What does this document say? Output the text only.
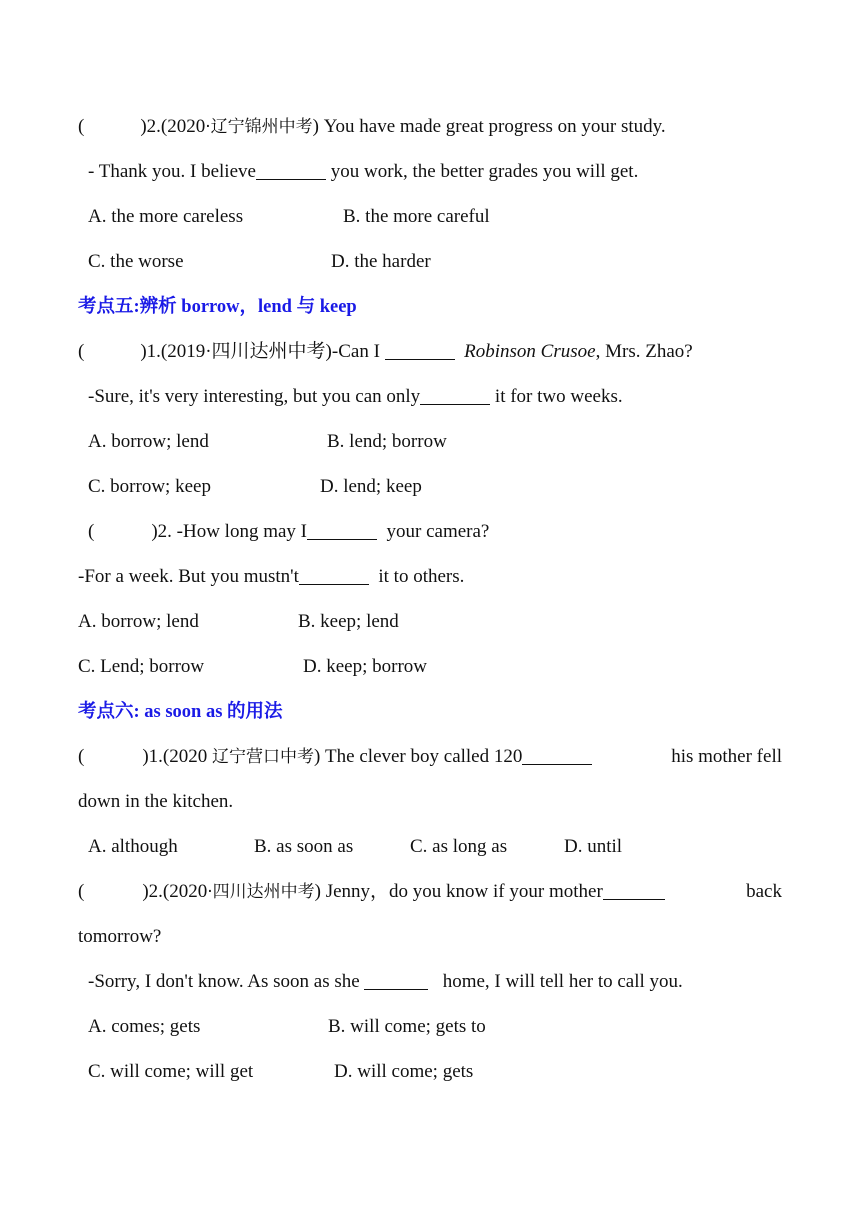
(	)2.(2020·辽宁锦州中考) You have made great progress on your study.
- Thank you. I believe	you work, the better grades you will get.
A. the more careless	B. the more careful
C. the worse	D. the harder
考点五:辨析 borrow，lend 与 keep
(	)1.(2019·四川达州中考)-Can I	Robinson Crusoe, Mrs. Zhao?
-Sure, it's very interesting, but you can only	it for two weeks.
A. borrow; lend	B. lend; borrow
C. borrow; keep	D. lend; keep
(	)2. -How long may I	your camera?
-For a week. But you mustn't	it to others.
A. borrow; lend	B. keep; lend
C. Lend; borrow	D. keep; borrow
考点六: as soon as 的用法
(	)1.(2020 辽宁营口中考) The clever boy called 120	his mother fell
down in the kitchen.
A. although	B. as soon as	C. as long as	D. until
(	)2.(2020·四川达州中考) Jenny，do you know if your mother	back
tomorrow?
-Sorry, I don't know. As soon as she	home, I will tell her to call you.
A. comes; gets	B. will come; gets to
C. will come; will get	D. will come; gets
